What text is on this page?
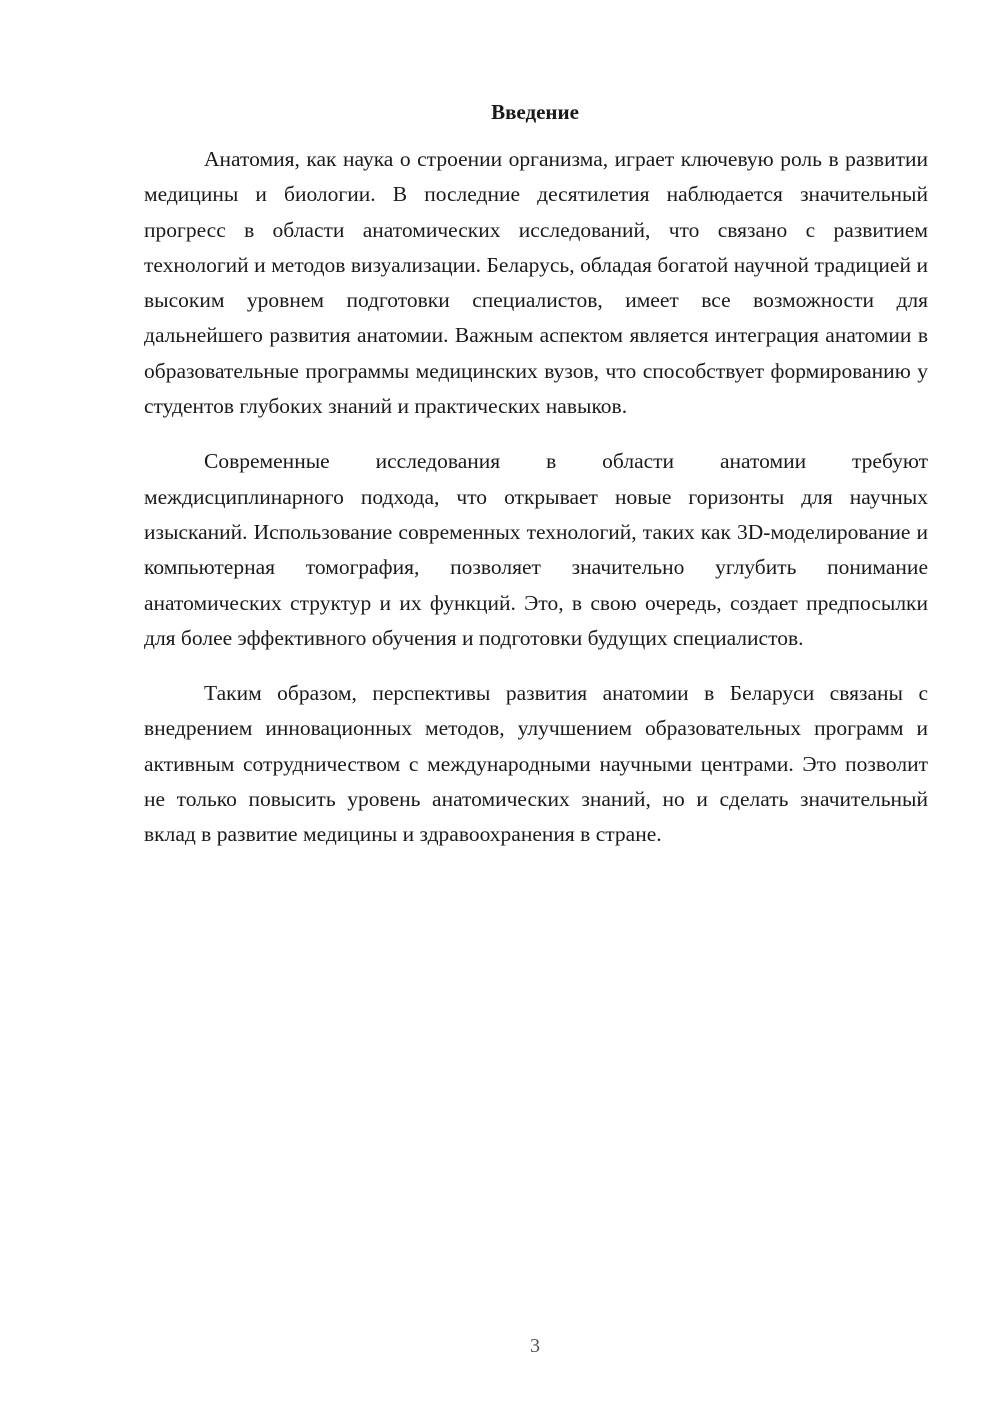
Введение

Анатомия, как наука о строении организма, играет ключевую роль в развитии медицины и биологии. В последние десятилетия наблюдается значительный прогресс в области анатомических исследований, что связано с развитием технологий и методов визуализации. Беларусь, обладая богатой научной традицией и высоким уровнем подготовки специалистов, имеет все возможности для дальнейшего развития анатомии. Важным аспектом является интеграция анатомии в образовательные программы медицинских вузов, что способствует формированию у студентов глубоких знаний и практических навыков.

Современные исследования в области анатомии требуют междисциплинарного подхода, что открывает новые горизонты для научных изысканий. Использование современных технологий, таких как 3D-моделирование и компьютерная томография, позволяет значительно углубить понимание анатомических структур и их функций. Это, в свою очередь, создает предпосылки для более эффективного обучения и подготовки будущих специалистов.

Таким образом, перспективы развития анатомии в Беларуси связаны с внедрением инновационных методов, улучшением образовательных программ и активным сотрудничеством с международными научными центрами. Это позволит не только повысить уровень анатомических знаний, но и сделать значительный вклад в развитие медицины и здравоохранения в стране.

3
